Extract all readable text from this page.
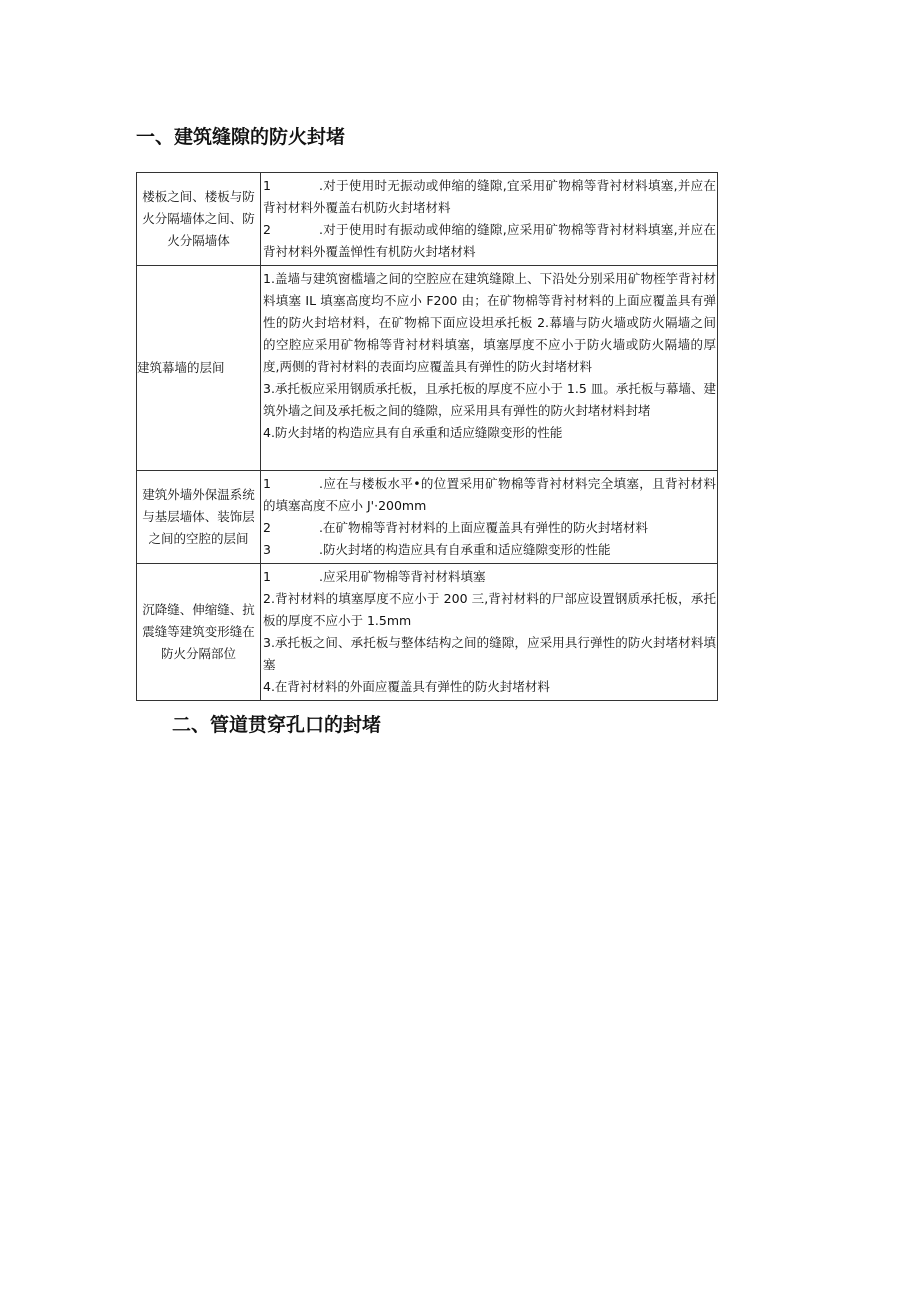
一、建筑缝隙的防火封堵
楼板之间、楼板与防火分隔墙体之间、防火分隔墙体	1 .对于使用时无振动或伸缩的缝隙,宜采用矿物棉等背衬材料填塞,并应在背衬材料外覆盖右机防火封堵材料
2 .对于使用时有振动或伸缩的缝隙,应采用矿物棉等背衬材料填塞,并应在背衬材料外覆盖惮性有机防火封堵材料

建筑幕墙的层间	1.盖墙与建筑窗槛墙之间的空腔应在建筑缝隙上、下沿处分别采用矿物桎竽背衬材料填塞 IL 填塞高度均不应小 F200 由；在矿物棉等背衬材料的上面应覆盖具有弹性的防火封培材料，在矿物棉下面应设坦承托板 2.幕墙与防火墙或防火隔墙之间的空腔应采用矿物棉等背衬材料填塞，填塞厚度不应小于防火墙或防火隔墙的厚度,两侧的背衬材料的表面均应覆盖具有弹性的防火封堵材料
3.承托板应采用钢质承托板，且承托板的厚度不应小于 1.5 皿。承托板与幕墙、建筑外墙之间及承托板之间的缝隙，应采用具有弹性的防火封堵材料封堵
4.防火封堵的构造应具有自承重和适应缝隙变形的性能

建筑外墙外保温系统与基层墙体、装饰层之间的空腔的层间	1 .应在与楼板水平•的位置采用矿物棉等背衬材料完全填塞，且背衬材料的填塞高度不应小 J'·200mm
2 .在矿物棉等背衬材料的上面应覆盖具有弹性的防火封堵材料
3 .防火封堵的构造应具有自承重和适应缝隙变形的性能

沉降缝、伸缩缝、抗震缝等建筑变形缝在防火分隔部位	1 .应采用矿物棉等背衬材料填塞
2.背衬材料的填塞厚度不应小于 200 三,背衬材料的尸部应设置钢质承托板，承托板的厚度不应小于 1.5mm
3.承托板之间、承托板与整体结构之间的缝隙，应采用具行弹性的防火封堵材料填塞
4.在背衬材料的外面应覆盖具有弹性的防火封堵材料
二、管道贯穿孔口的封堵
